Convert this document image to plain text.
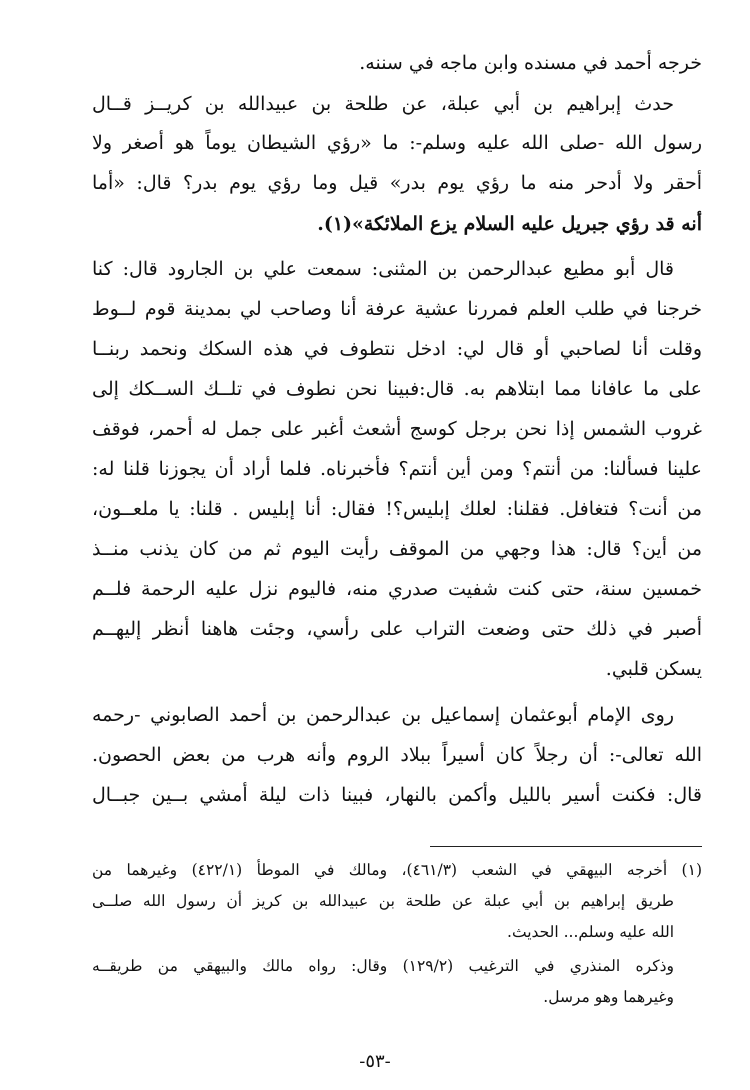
خرجه أحمد في مسنده وابن ماجه في سننه.
حدث إبراهيم بن أبي عبلة، عن طلحة بن عبيدالله بن كريــز قــال
رسول الله -صلى الله عليه وسلم-: ما «رؤي الشيطان يوماً هو أصغر ولا
أحقر ولا أدحر منه ما رؤي يوم بدر» قيل وما رؤي يوم بدر؟ قال: «أما
أنه قد رؤي جبريل عليه السلام يزع الملائكة»(١).
قال أبو مطيع عبدالرحمن بن المثنى: سمعت علي بن الجارود قال: كنا
خرجنا في طلب العلم فمررنا عشية عرفة أنا وصاحب لي بمدينة قوم لــوط
وقلت أنا لصاحبي أو قال لي: ادخل نتطوف في هذه السكك ونحمد ربنــا
على ما عافانا مما ابتلاهم به. قال:فبينا نحن نطوف في تلــك الســكك إلى
غروب الشمس إذا نحن برجل كوسج أشعث أغبر على جمل له أحمر، فوقف
علينا فسألنا: من أنتم؟ ومن أين أنتم؟ فأخبرناه. فلما أراد أن يجوزنا قلنا له:
من أنت؟ فتغافل. فقلنا: لعلك إبليس؟! فقال: أنا إبليس . قلنا: يا ملعــون،
من أين؟ قال: هذا وجهي من الموقف رأيت اليوم ثم من كان يذنب منــذ
خمسين سنة، حتى كنت شفيت صدري منه، فاليوم نزل عليه الرحمة فلــم
أصبر في ذلك حتى وضعت التراب على رأسي، وجئت هاهنا أنظر إليهــم
يسكن قلبي.
روى الإمام أبوعثمان إسماعيل بن عبدالرحمن بن أحمد الصابوني -رحمه
الله تعالى-: أن رجلاً كان أسيراً ببلاد الروم وأنه هرب من بعض الحصون.
قال: فكنت أسير بالليل وأكمن بالنهار، فبينا ذات ليلة أمشي بــين جبــال
(١) أخرجه البيهقي في الشعب (٤٦١/٣)، ومالك في الموطأ (٤٢٢/١) وغيرهما من
طريق إبراهيم بن أبي عبلة عن طلحة بن عبيدالله بن كريز أن رسول الله صلــى
الله عليه وسلم... الحديث.
وذكره المنذري في الترغيب (١٢٩/٢) وقال: رواه مالك والبيهقي من طريقــه
وغيرهما وهو مرسل.
-٥٣-
